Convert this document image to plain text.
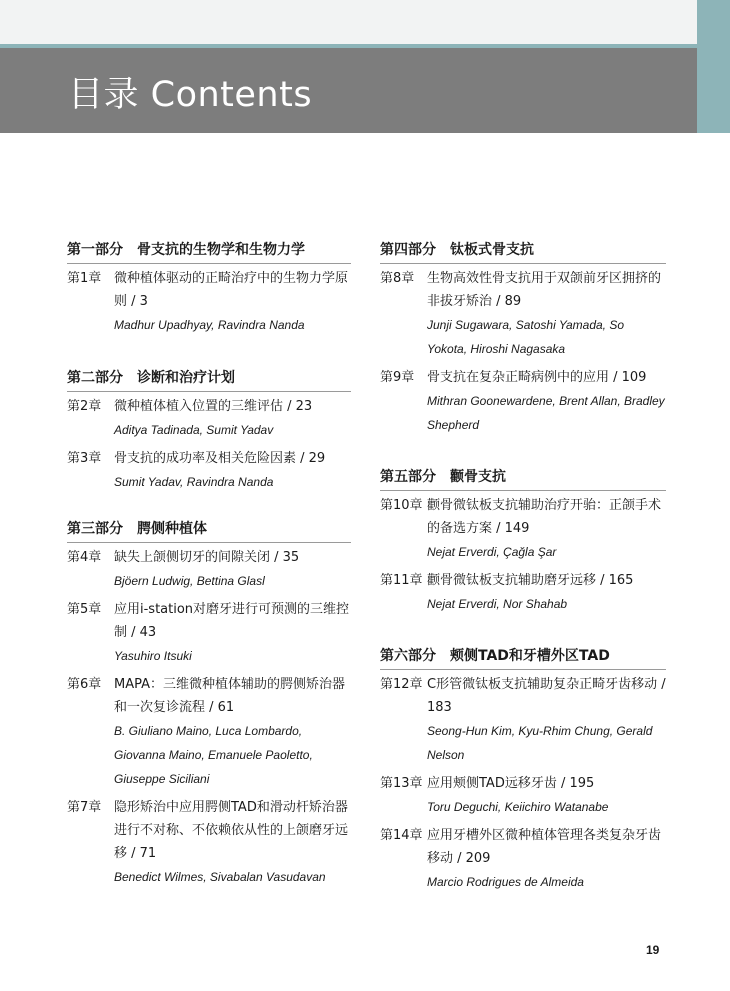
目录 Contents
第一部分　骨支抗的生物学和生物力学
第1章 微种植体驱动的正畸治疗中的生物力学原则 / 3
Madhur Upadhyay, Ravindra Nanda
第二部分　诊断和治疗计划
第2章 微种植体植入位置的三维评估 / 23
Aditya Tadinada, Sumit Yadav
第3章 骨支抗的成功率及相关危险因素 / 29
Sumit Yadav, Ravindra Nanda
第三部分　腭侧种植体
第4章 缺失上颌侧切牙的间隙关闭 / 35
Bjöern Ludwig, Bettina Glasl
第5章 应用i-station对磨牙进行可预测的三维控制 / 43
Yasuhiro Itsuki
第6章 MAPA：三维微种植体辅助的腭侧矫治器和一次复诊流程 / 61
B. Giuliano Maino, Luca Lombardo, Giovanna Maino, Emanuele Paoletto, Giuseppe Siciliani
第7章 隐形矫治中应用腭侧TAD和滑动杆矫治器进行不对称、不依赖依从性的上颌磨牙远移 / 71
Benedict Wilmes, Sivabalan Vasudavan
第四部分　钛板式骨支抗
第8章 生物高效性骨支抗用于双颌前牙区拥挤的非拔牙矫治 / 89
Junji Sugawara, Satoshi Yamada, So Yokota, Hiroshi Nagasaka
第9章 骨支抗在复杂正畸病例中的应用 / 109
Mithran Goonewardene, Brent Allan, Bradley Shepherd
第五部分　颧骨支抗
第10章 颧骨微钛板支抗辅助治疗开骀：正颌手术的备选方案 / 149
Nejat Erverdi, Çağla Şar
第11章 颧骨微钛板支抗辅助磨牙远移 / 165
Nejat Erverdi, Nor Shahab
第六部分　颊侧TAD和牙槽外区TAD
第12章 C形管微钛板支抗辅助复杂正畸牙齿移动 / 183
Seong-Hun Kim, Kyu-Rhim Chung, Gerald Nelson
第13章 应用颊侧TAD远移牙齿 / 195
Toru Deguchi, Keiichiro Watanabe
第14章 应用牙槽外区微种植体管理各类复杂牙齿移动 / 209
Marcio Rodrigues de Almeida

19
